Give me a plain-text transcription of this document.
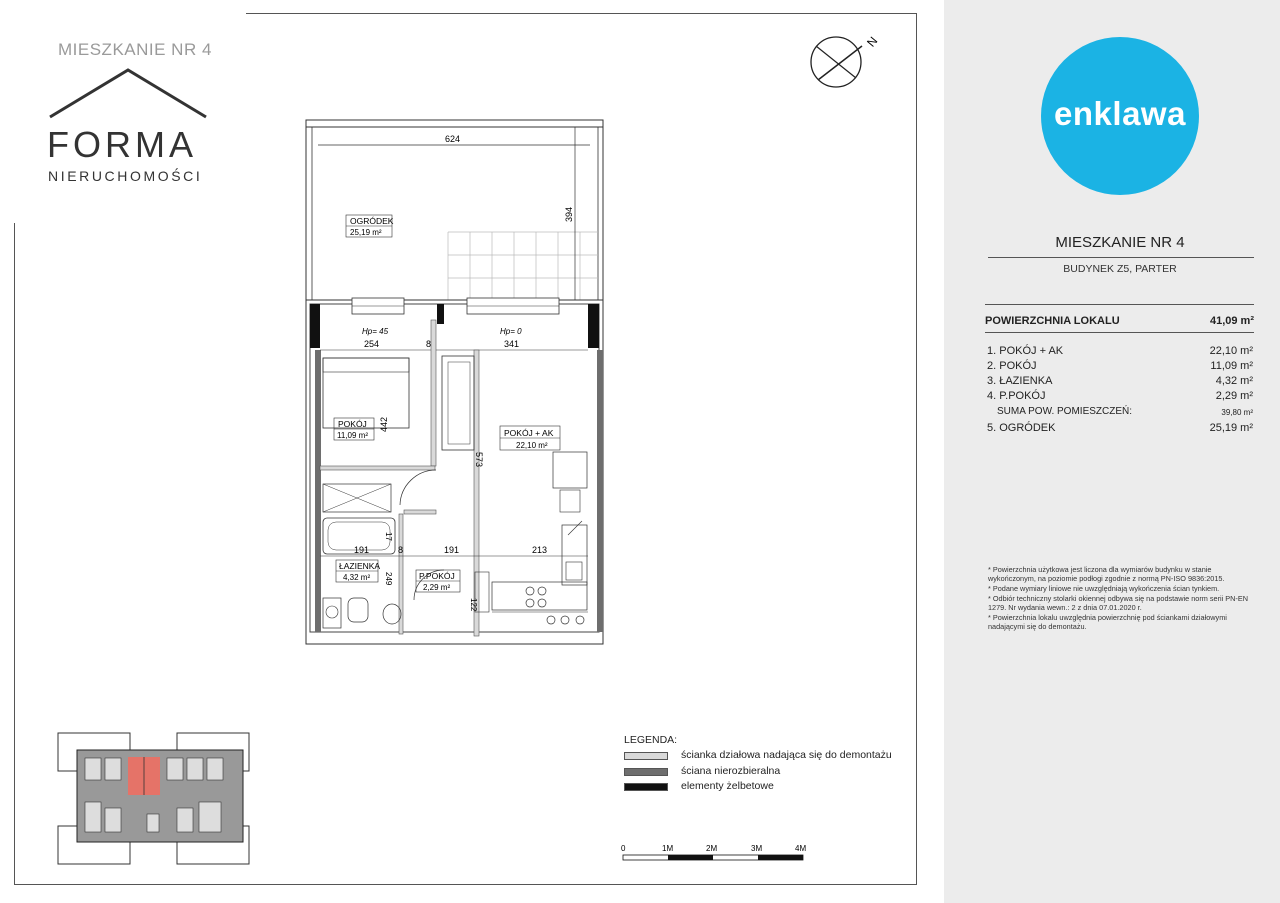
MIESZKANIE NR 4
FORMA
NIERUCHOMOŚCI
N
624
394
OGRÓDEK
25,19 m²
Hp= 45	Hp= 0
254	8	341
442
573
191	8	191	213
17
249
122
POKÓJ
11,09 m²	POKÓJ + AK
22,10 m²
ŁAZIENKA
4,32 m²	P.POKÓJ
2,29 m²
LEGENDA:
ścianka działowa nadająca się do demontażu
ściana nierozbieralna
elementy żelbetowe
0	1M	2M	3M	4M
enklawa
MIESZKANIE NR 4
BUDYNEK Z5, PARTER
POWIERZCHNIA LOKALU	41,09 m²
1. POKÓJ + AK	22,10 m²
2. POKÓJ	11,09 m²
3. ŁAZIENKA	4,32 m²
4. P.POKÓJ	2,29 m²
SUMA POW. POMIESZCZEŃ:	39,80 m²
5. OGRÓDEK	25,19 m²
* Powierzchnia użytkowa jest liczona dla wymiarów budynku w stanie wykończonym, na poziomie podłogi zgodnie z normą PN-ISO 9836:2015.
* Podane wymiary liniowe nie uwzględniają wykończenia ścian tynkiem.
* Odbiór techniczny stolarki okiennej odbywa się na podstawie norm serii PN-EN 1279. Nr wydania wewn.: 2 z dnia 07.01.2020 r.
* Powierzchnia lokalu uwzględnia powierzchnię pod ściankami działowymi nadającymi się do demontażu.
